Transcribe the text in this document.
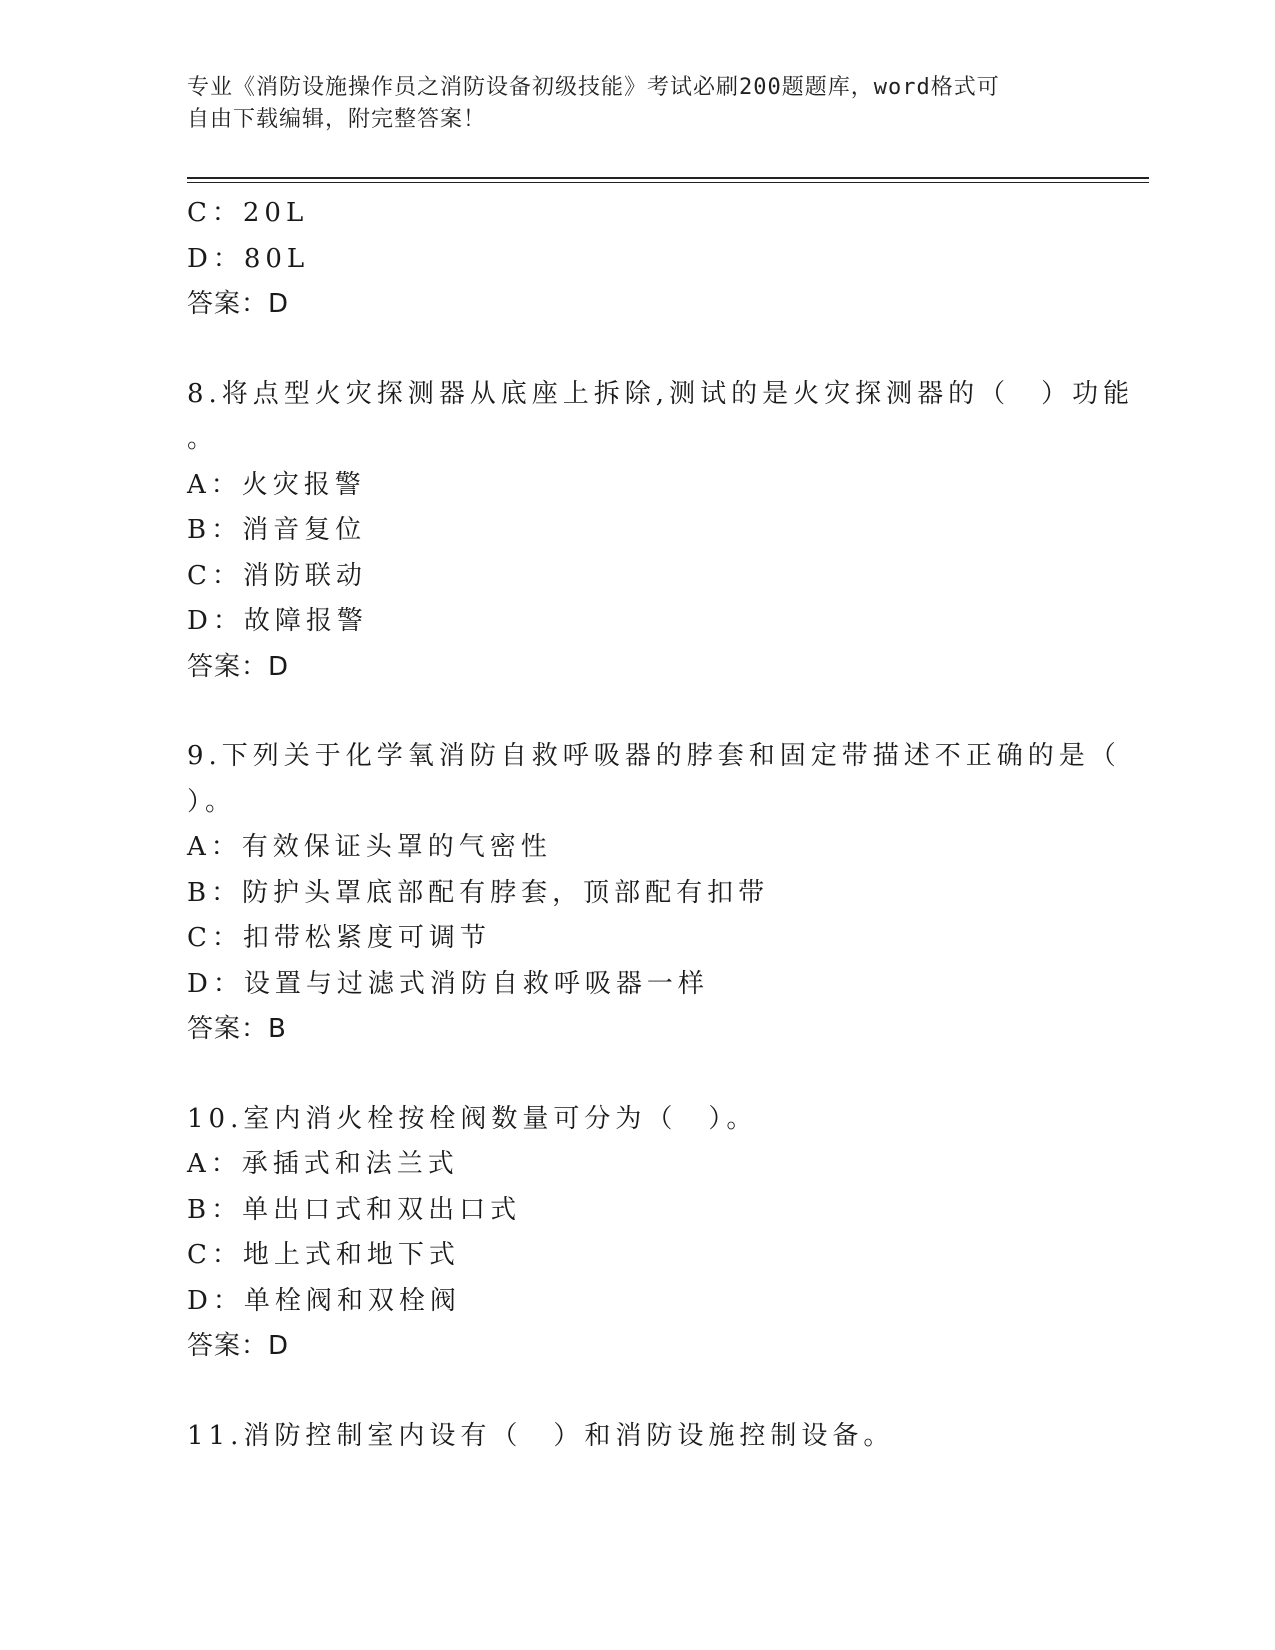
专业《消防设施操作员之消防设备初级技能》考试必刷200题题库，word格式可
自由下载编辑，附完整答案！
C：20L
D：80L
答案：D
8.将点型火灾探测器从底座上拆除,测试的是火灾探测器的（　）功能
。
A：火灾报警
B：消音复位
C：消防联动
D：故障报警
答案：D
9.下列关于化学氧消防自救呼吸器的脖套和固定带描述不正确的是（
）。
A：有效保证头罩的气密性
B：防护头罩底部配有脖套，顶部配有扣带
C：扣带松紧度可调节
D：设置与过滤式消防自救呼吸器一样
答案：B
10.室内消火栓按栓阀数量可分为（　）。
A：承插式和法兰式
B：单出口式和双出口式
C：地上式和地下式
D：单栓阀和双栓阀
答案：D
11.消防控制室内设有（　）和消防设施控制设备。
